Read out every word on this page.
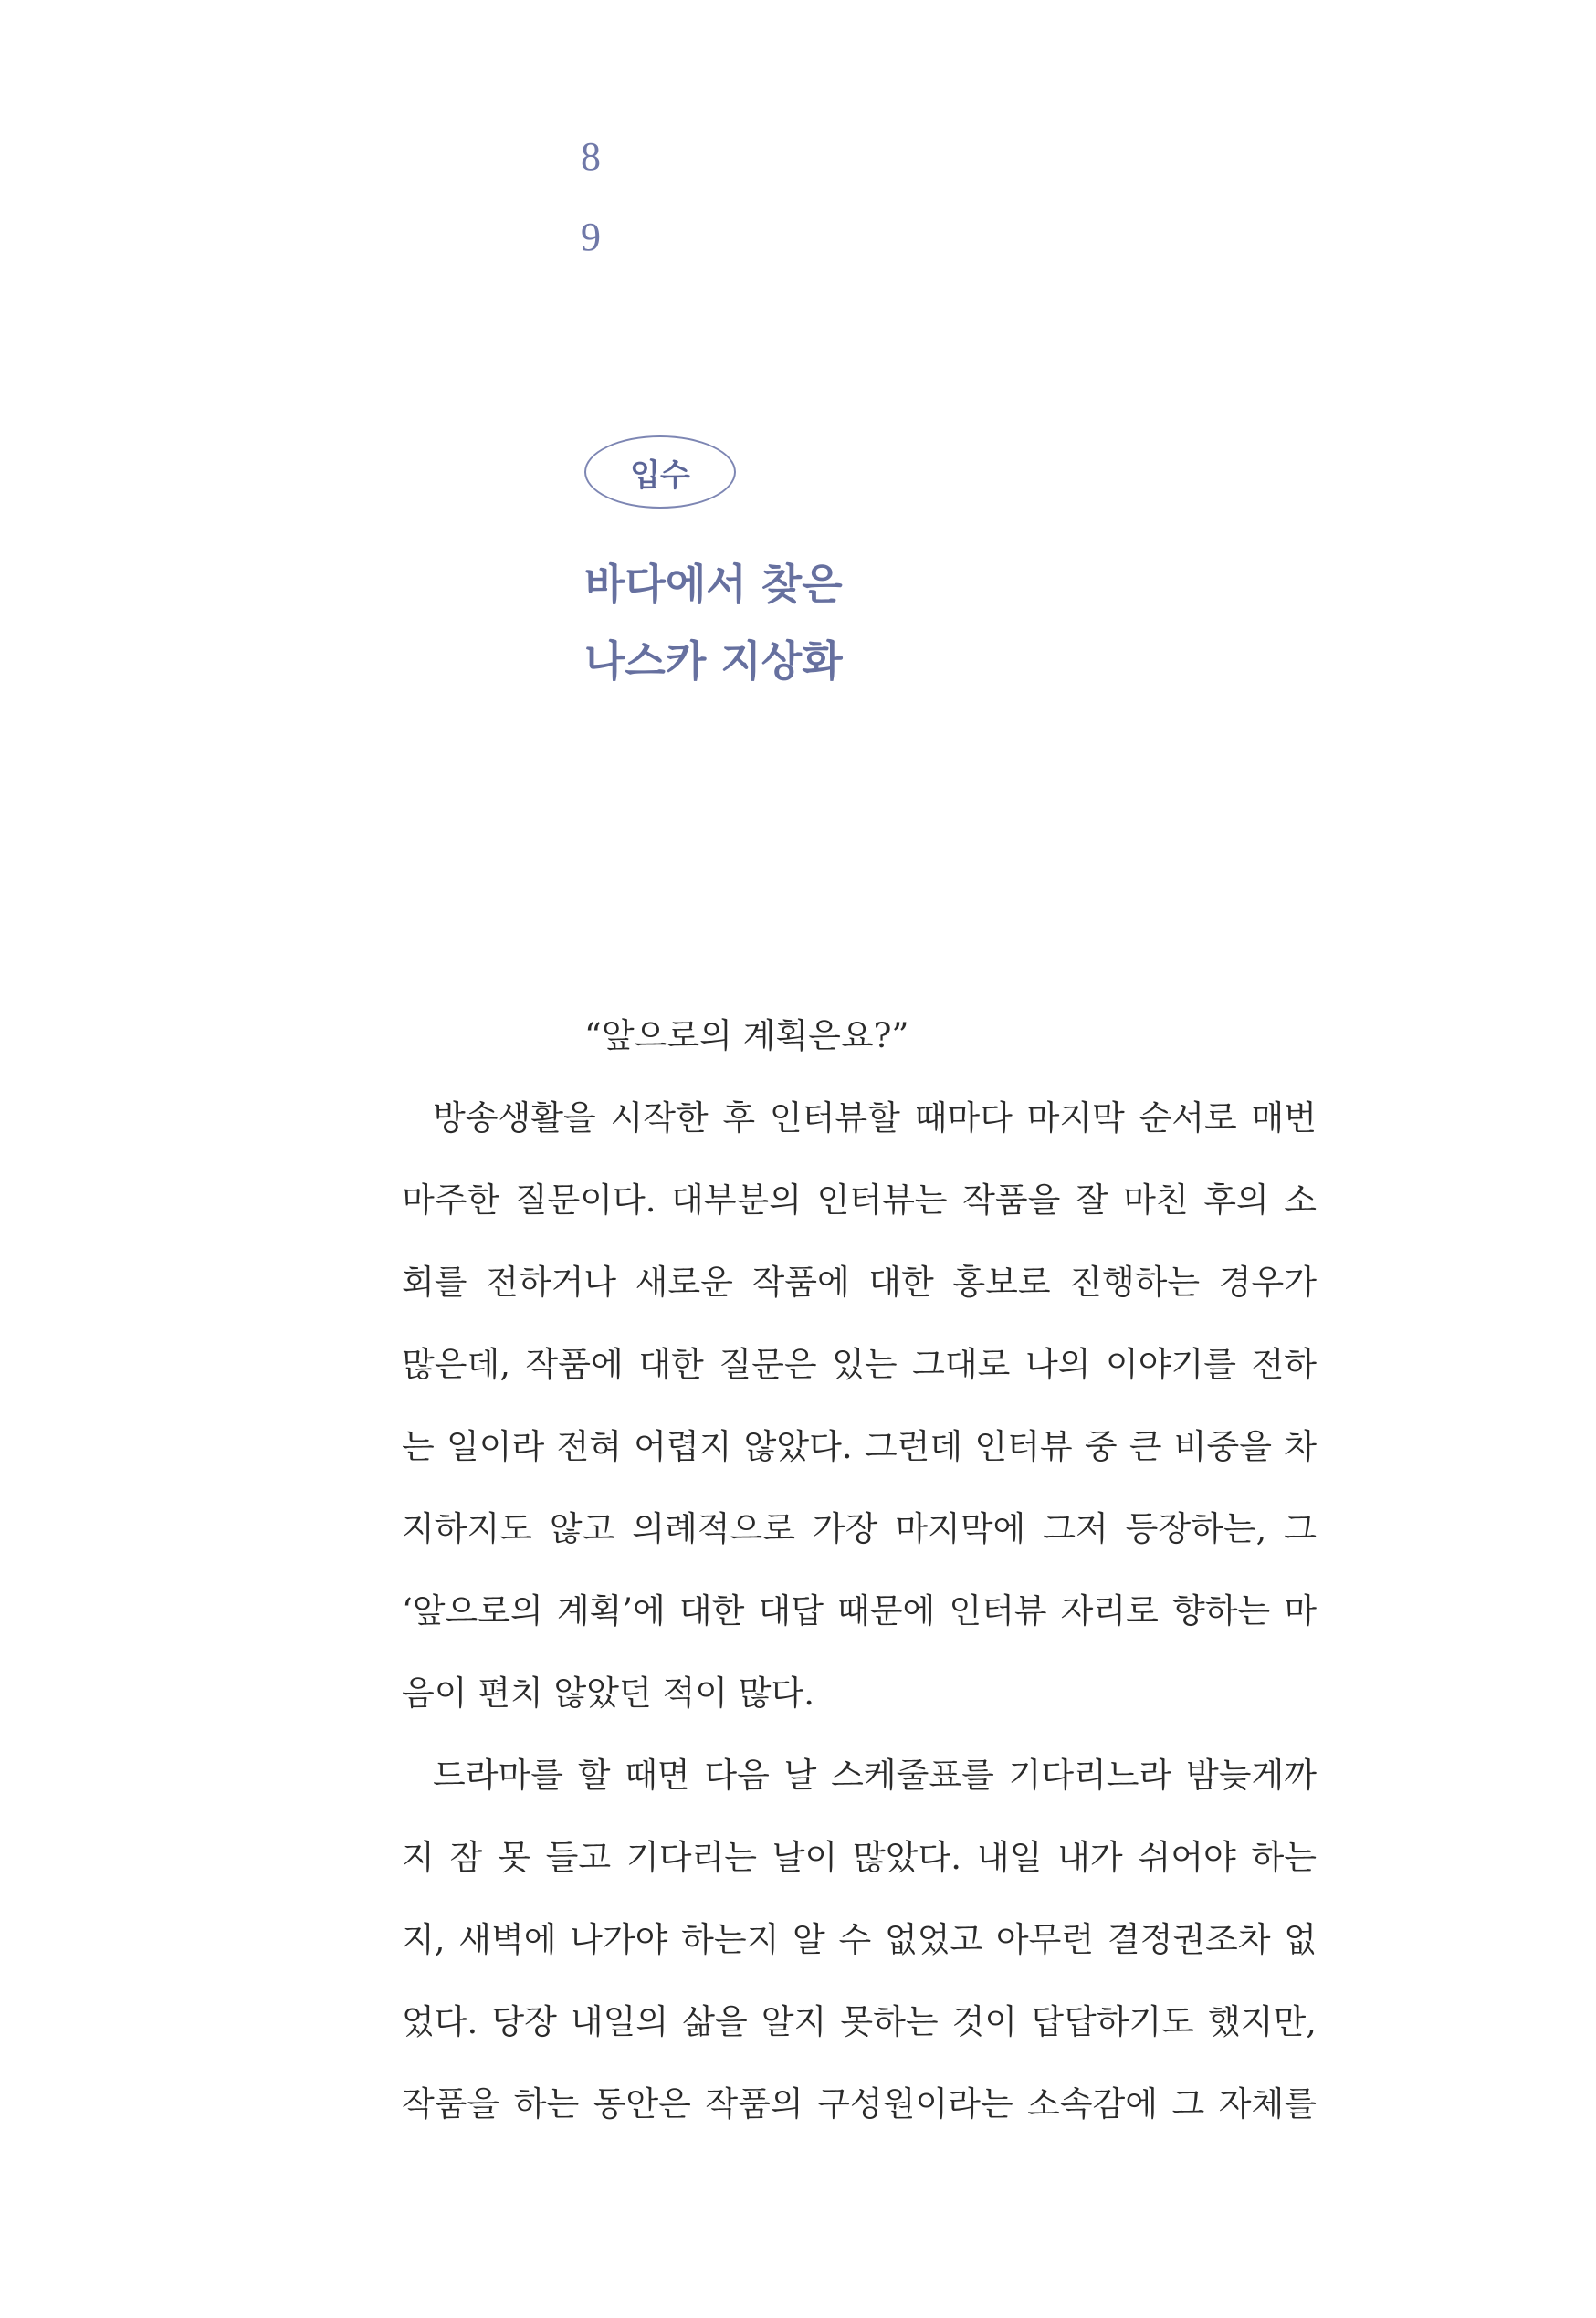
8
9
입수
바다에서 찾은
나스카 지상화
“앞으로의 계획은요?”
방송생활을 시작한 후 인터뷰할 때마다 마지막 순서로 매번
마주한 질문이다. 대부분의 인터뷰는 작품을 잘 마친 후의 소
회를 전하거나 새로운 작품에 대한 홍보로 진행하는 경우가
많은데, 작품에 대한 질문은 있는 그대로 나의 이야기를 전하
는 일이라 전혀 어렵지 않았다. 그런데 인터뷰 중 큰 비중을 차
지하지도 않고 의례적으로 가장 마지막에 그저 등장하는, 그
‘앞으로의 계획’에 대한 대답 때문에 인터뷰 자리로 향하는 마
음이 편치 않았던 적이 많다.
드라마를 할 때면 다음 날 스케줄표를 기다리느라 밤늦게까
지 잠 못 들고 기다리는 날이 많았다. 내일 내가 쉬어야 하는
지, 새벽에 나가야 하는지 알 수 없었고 아무런 결정권조차 없
었다. 당장 내일의 삶을 알지 못하는 것이 답답하기도 했지만,
작품을 하는 동안은 작품의 구성원이라는 소속감에 그 자체를
